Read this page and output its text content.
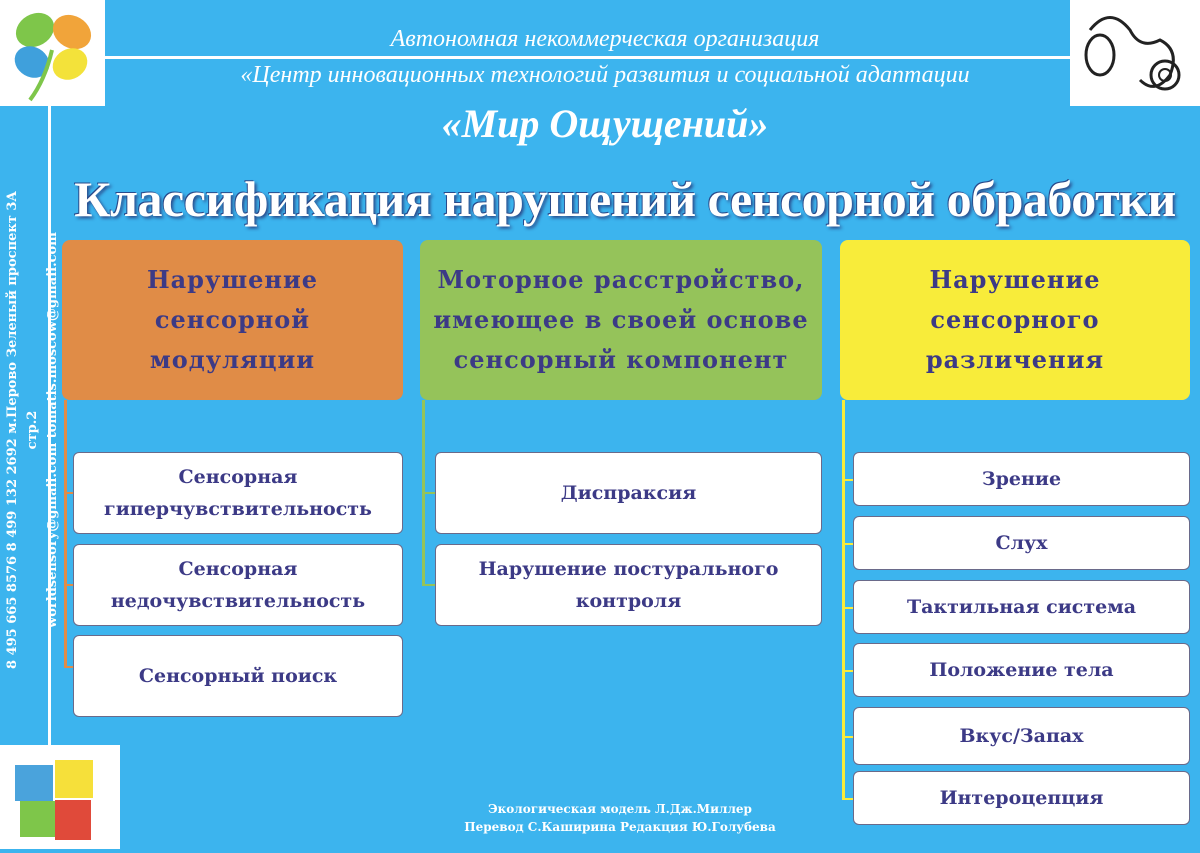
Автономная некоммерческая организация
«Центр инновационных технологий развития и социальной адаптации
«Мир Ощущений»
Классификация нарушений сенсорной обработки
8 495 665 8576 8 499 132 2692 м.Перово Зеленый проспект 3А стр.2 worldsensory@gmail.com tomatis.moscow@gmail.com	Нарушение сенсорной модуляции
Сенсорная гиперчувствительность
Сенсорная недочувствительность
Сенсорный поиск
Моторное расстройство, имеющее в своей основе сенсорный компонент
Диспраксия
Нарушение постурального контроля
Нарушение сенсорного различения
Зрение
Слух
Тактильная система
Положение тела
Вкус/Запах
Интероцепция
Экологическая модель Л.Дж.Миллер
Перевод С.Каширина Редакция Ю.Голубева
